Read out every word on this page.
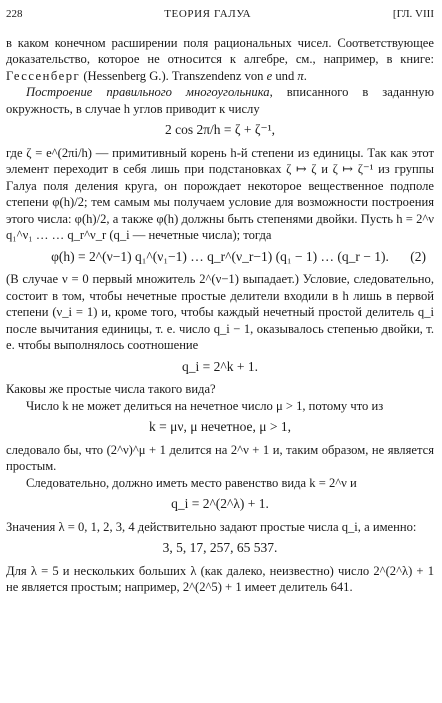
228	ТЕОРИЯ ГАЛУА	[ГЛ. VIII

в каком конечном расширении поля рациональных чисел. Соответствующее доказательство, которое не относится к алгебре, см., например, в книге: Гессенберг (Hessenberg G.). Transzendenz von e und π.

Построение правильного многоугольника, вписанного в заданную окружность, в случае h углов приводит к числу

2 cos 2π/h = ζ + ζ⁻¹,

где ζ = e^(2πi/h) — примитивный корень h-й степени из единицы. Так как этот элемент переходит в себя лишь при подстановках ζ ↦ ζ и ζ ↦ ζ⁻¹ из группы Галуа поля деления круга, он порождает некоторое вещественное подполе степени φ(h)/2; тем самым мы получаем условие для возможности построения этого числа: φ(h)/2, а также φ(h) должны быть степенями двойки. Пусть h = 2^ν q₁^ν₁ … … q_r^ν_r (q_i — нечетные числа); тогда

φ(h) = 2^(ν−1) q₁^(ν₁−1) … q_r^(ν_r−1) (q₁ − 1) … (q_r − 1). (2)

(В случае ν = 0 первый множитель 2^(ν−1) выпадает.) Условие, следовательно, состоит в том, чтобы нечетные простые делители входили в h лишь в первой степени (ν_i = 1) и, кроме того, чтобы каждый нечетный простой делитель q_i после вычитания единицы, т. е. число q_i − 1, оказывалось степенью двойки, т. е. чтобы выполнялось соотношение

q_i = 2^k + 1.

Каковы же простые числа такого вида?

Число k не может делиться на нечетное число μ > 1, потому что из

k = μν, μ нечетное, μ > 1,

следовало бы, что (2^ν)^μ + 1 делится на 2^ν + 1 и, таким образом, не является простым.

Следовательно, должно иметь место равенство вида k = 2^ν и

q_i = 2^(2^λ) + 1.

Значения λ = 0, 1, 2, 3, 4 действительно задают простые числа q_i, а именно:

3, 5, 17, 257, 65 537.

Для λ = 5 и нескольких больших λ (как далеко, неизвестно) число 2^(2^λ) + 1 не является простым; например, 2^(2^5) + 1 имеет делитель 641.
